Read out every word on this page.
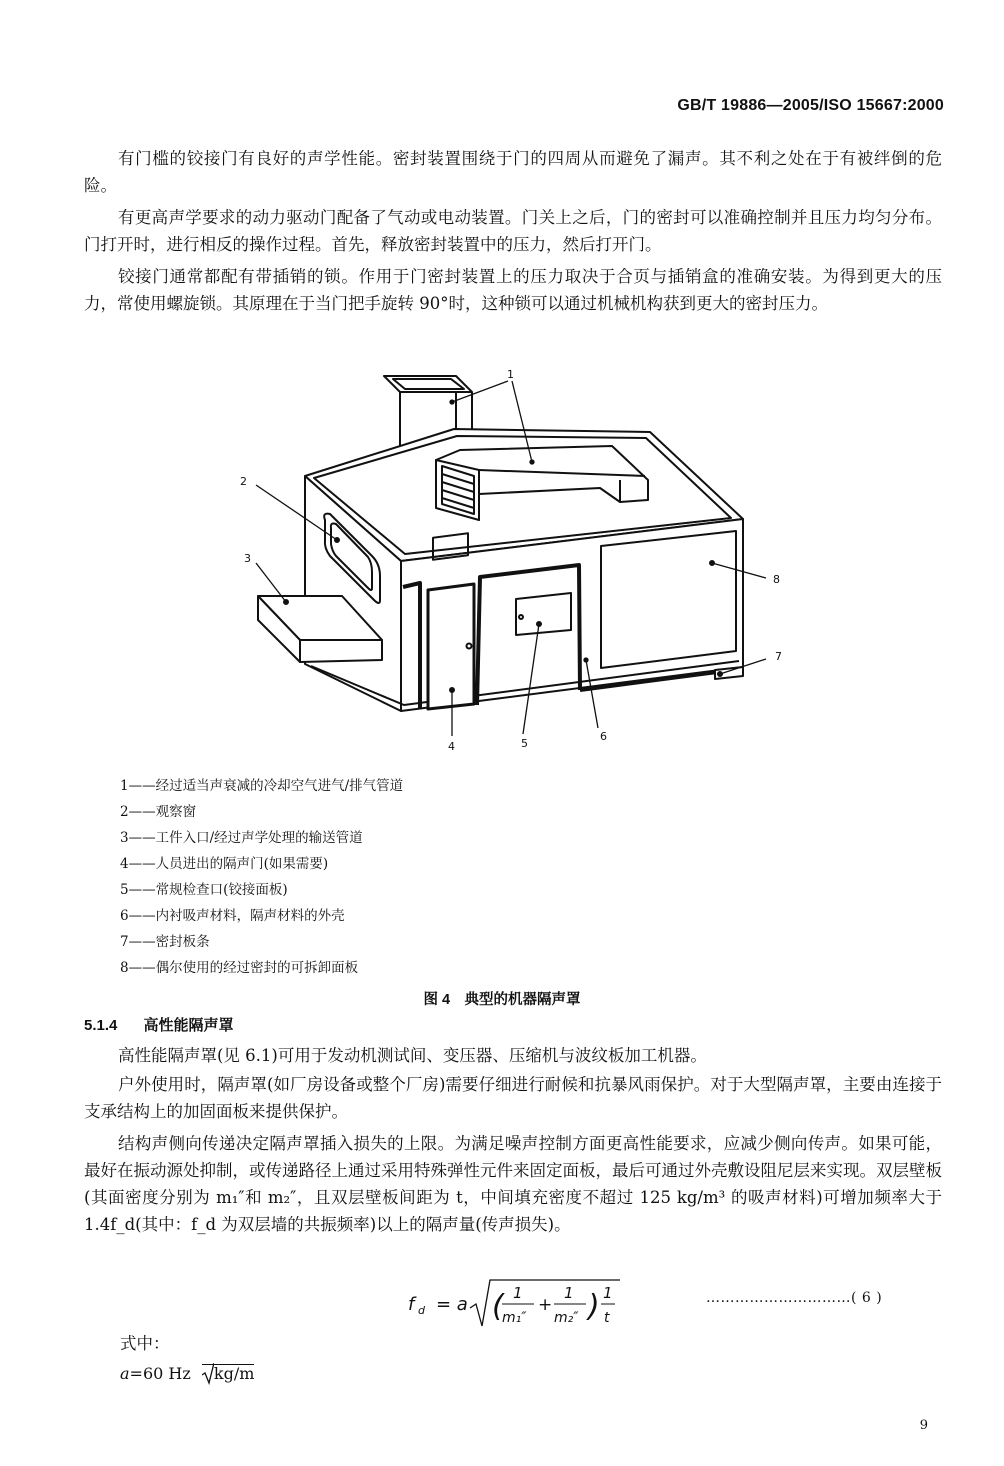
GB/T 19886—2005/ISO 15667:2000
有门槛的铰接门有良好的声学性能。密封装置围绕于门的四周从而避免了漏声。其不利之处在于有被绊倒的危险。
有更高声学要求的动力驱动门配备了气动或电动装置。门关上之后，门的密封可以准确控制并且压力均匀分布。门打开时，进行相反的操作过程。首先，释放密封装置中的压力，然后打开门。
铰接门通常都配有带插销的锁。作用于门密封装置上的压力取决于合页与插销盒的准确安装。为得到更大的压力，常使用螺旋锁。其原理在于当门把手旋转 90°时，这种锁可以通过机械机构获到更大的密封压力。
1
2
3
4	5
6
7
8
1——经过适当声衰减的冷却空气进气/排气管道
2——观察窗
3——工件入口/经过声学处理的输送管道
4——人员进出的隔声门(如果需要)
5——常规检查口(铰接面板)
6——内衬吸声材料，隔声材料的外壳
7——密封板条
8——偶尔使用的经过密封的可拆卸面板
图 4　典型的机器隔声罩
5.1.4 高性能隔声罩
高性能隔声罩(见 6.1)可用于发动机测试间、变压器、压缩机与波纹板加工机器。
户外使用时，隔声罩(如厂房设备或整个厂房)需要仔细进行耐候和抗暴风雨保护。对于大型隔声罩，主要由连接于支承结构上的加固面板来提供保护。
结构声侧向传递决定隔声罩插入损失的上限。为满足噪声控制方面更高性能要求，应减少侧向传声。如果可能，最好在振动源处抑制，或传递路径上通过采用特殊弹性元件来固定面板，最后可通过外壳敷设阻尼层来实现。双层壁板(其面密度分别为 m₁″和 m₂″，且双层壁板间距为 t，中间填充密度不超过 125 kg/m³ 的吸声材料)可增加频率大于 1.4f_d(其中：f_d 为双层墙的共振频率)以上的隔声量(传声损失)。
f d = a ( 1
m₁″
+
1
m₂″ ) 1
t
…………………………( 6 )
式中：
a=60 Hz kg/m
9
